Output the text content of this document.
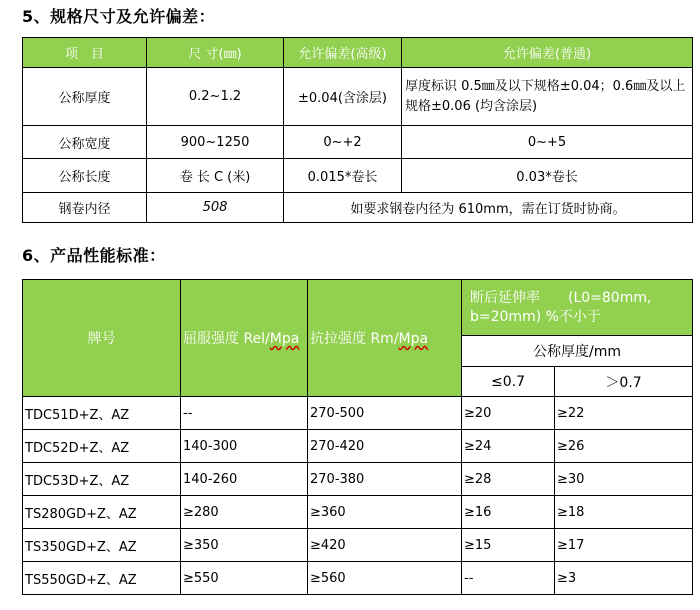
5、规格尺寸及允许偏差：
项　目	尺 寸(㎜)	允许偏差(高级)	允许偏差(普通)
公称厚度	0.2~1.2	±0.04(含涂层)	厚度标识 0.5㎜及以下规格±0.04；0.6㎜及以上规格±0.06 (均含涂层)
公称宽度	900~1250	0~+2	0~+5
公称长度	卷 长 C (米)	0.015*卷长	0.03*卷长
钢卷内径	508	如要求钢卷内径为 610mm，需在订货时协商。	
6、产品性能标准：
牌号	屈服强度 Rel/Mpa	抗拉强度 Rm/Mpa	断后延伸率　　(L0=80mm,
b=20mm) %不小于	

			公称厚度/mm	
			≤0.7	＞0.7
TDC51D+Z、AZ	--	270-500	≥20	≥22
TDC52D+Z、AZ	140-300	270-420	≥24	≥26
TDC53D+Z、AZ	140-260	270-380	≥28	≥30
TS280GD+Z、AZ	≥280	≥360	≥16	≥18
TS350GD+Z、AZ	≥350	≥420	≥15	≥17
TS550GD+Z、AZ	≥550	≥560	--	≥3
